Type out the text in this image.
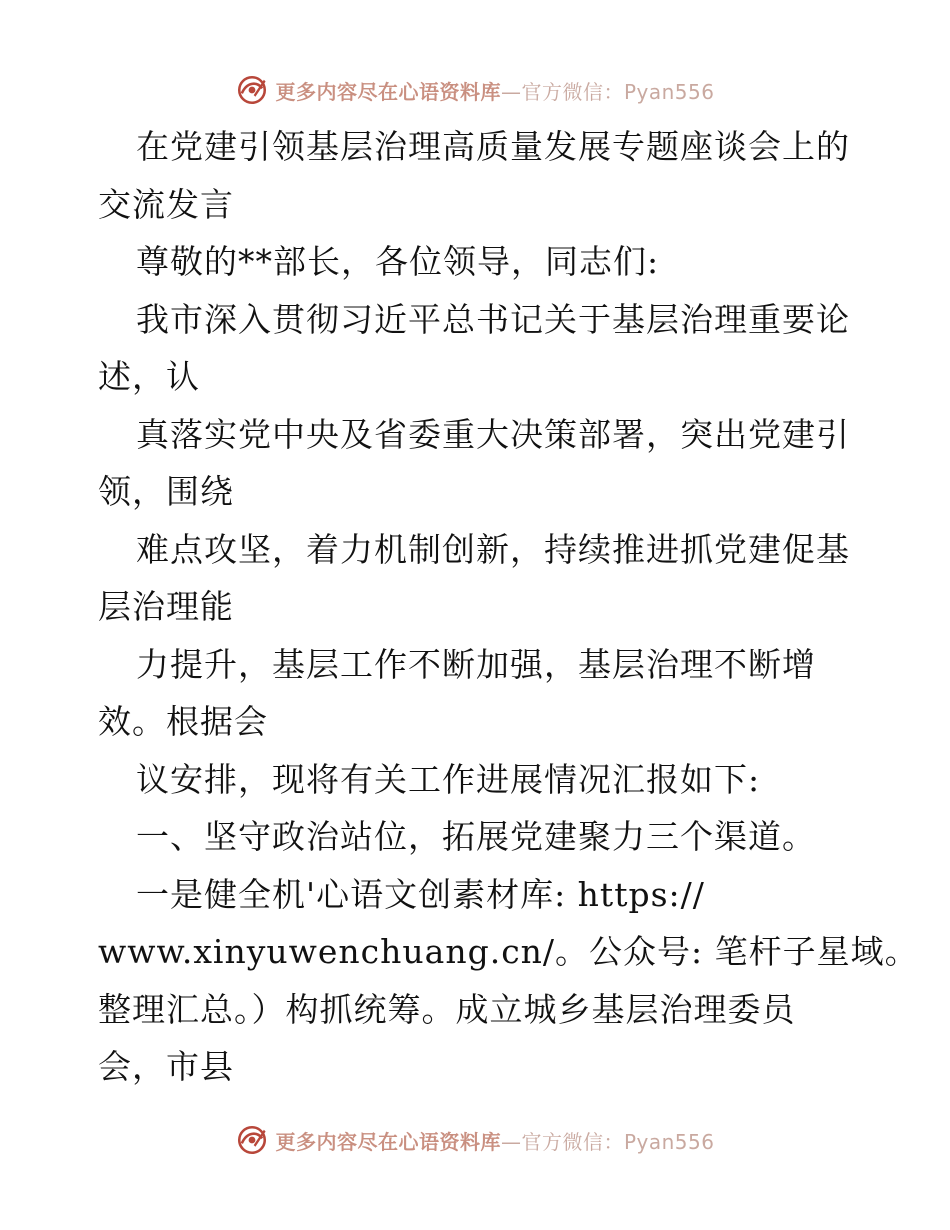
更多内容尽在心语资料库—官方微信：Pyan556
在党建引领基层治理高质量发展专题座谈会上的
交流发言
尊敬的**部长，各位领导，同志们:
我市深入贯彻习近平总书记关于基层治理重要论
述，认
真落实党中央及省委重大决策部署，突出党建引
领，围绕
难点攻坚，着力机制创新，持续推进抓党建促基
层治理能
力提升，基层工作不断加强，基层治理不断增
效。根据会
议安排，现将有关工作进展情况汇报如下:
一、坚守政治站位，拓展党建聚力三个渠道。
一是健全机'心语文创素材库: https://
www.xinyuwenchuang.cn/。公众号: 笔杆子星域。
整理汇总。）构抓统筹。成立城乡基层治理委员
会，市县
更多内容尽在心语资料库—官方微信：Pyan556
